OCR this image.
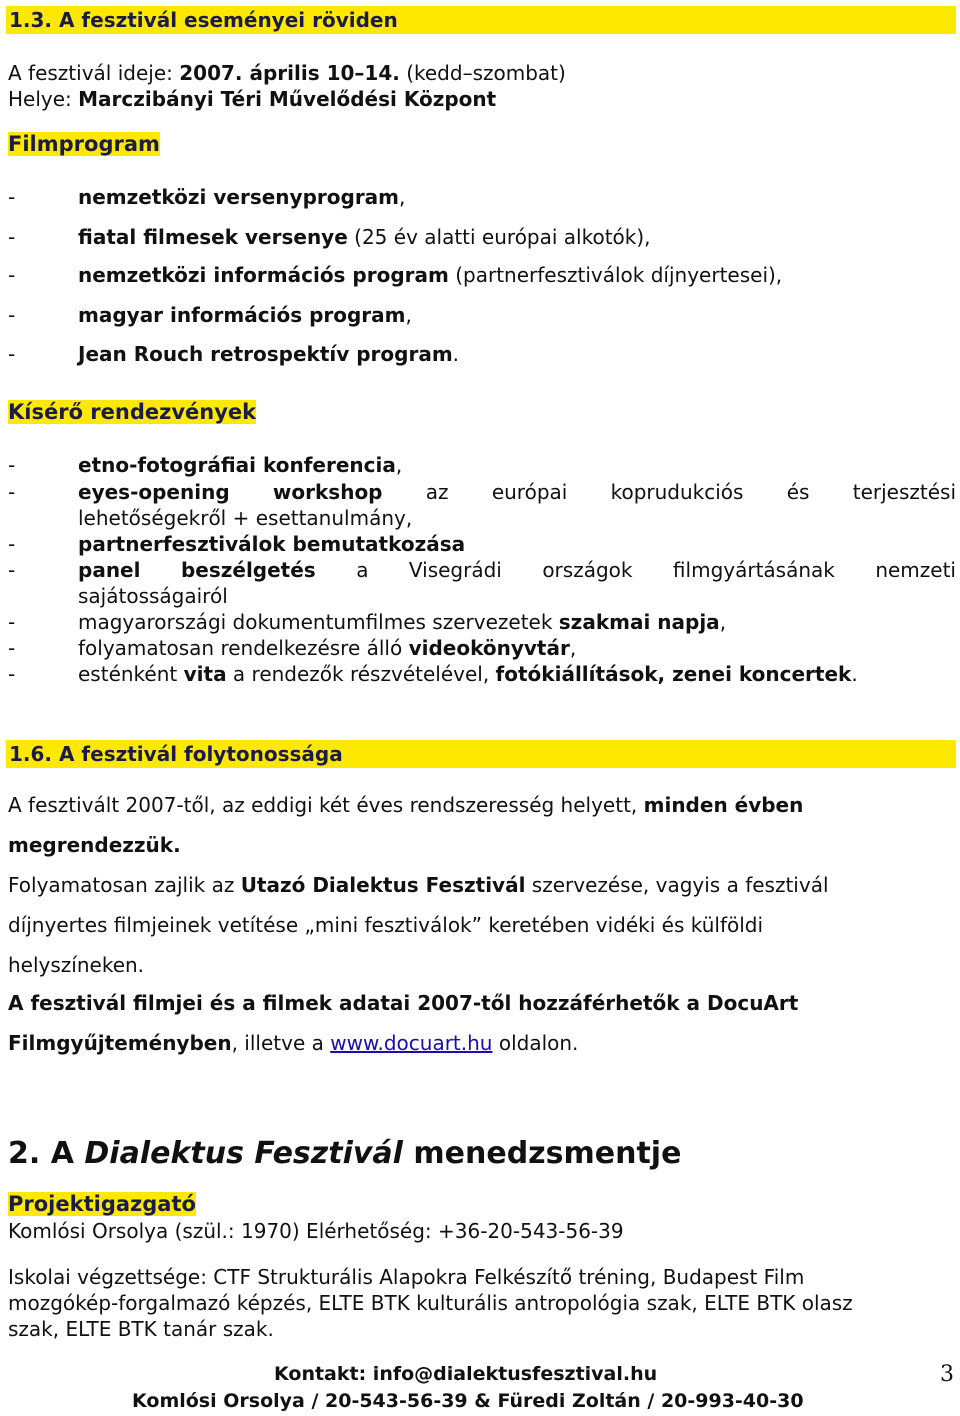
1.3. A fesztivál eseményei röviden
A fesztivál ideje: 2007. április 10–14. (kedd–szombat)
Helye: Marczibányi Téri Művelődési Központ
Filmprogram
-	nemzetközi versenyprogram,
-	fiatal filmesek versenye (25 év alatti európai alkotók),
-	nemzetközi információs program (partnerfesztiválok díjnyertesei),
-	magyar információs program,
-	Jean Rouch retrospektív program.
Kísérő rendezvények
-	etno-fotográfiai konferencia,
-	eyes-opening workshop az európai koprudukciós és terjesztési
lehetőségekről + esettanulmány,
-	partnerfesztiválok bemutatkozása
-	panel beszélgetés a Visegrádi országok filmgyártásának nemzeti
sajátosságairól
-	magyarországi dokumentumfilmes szervezetek szakmai napja,
-	folyamatosan rendelkezésre álló videokönyvtár,
-	esténként vita a rendezők részvételével, fotókiállítások, zenei koncertek.
1.6. A fesztivál folytonossága
A fesztivált 2007-től, az eddigi két éves rendszeresség helyett, minden évben
megrendezzük.
Folyamatosan zajlik az Utazó Dialektus Fesztivál szervezése, vagyis a fesztivál
díjnyertes filmjeinek vetítése „mini fesztiválok” keretében vidéki és külföldi
helyszíneken.
A fesztivál filmjei és a filmek adatai 2007-től hozzáférhetők a DocuArt
Filmgyűjteményben, illetve a www.docuart.hu oldalon.
2. A Dialektus Fesztivál menedzsmentje
Projektigazgató
Komlósi Orsolya (szül.: 1970) Elérhetőség: +36-20-543-56-39
Iskolai végzettsége: CTF Strukturális Alapokra Felkészítő tréning, Budapest Film
mozgókép-forgalmazó képzés, ELTE BTK kulturális antropológia szak, ELTE BTK olasz
szak, ELTE BTK tanár szak.
Kontakt: info@dialektusfesztival.hu
Komlósi Orsolya / 20-543-56-39 & Füredi Zoltán / 20-993-40-30
3
